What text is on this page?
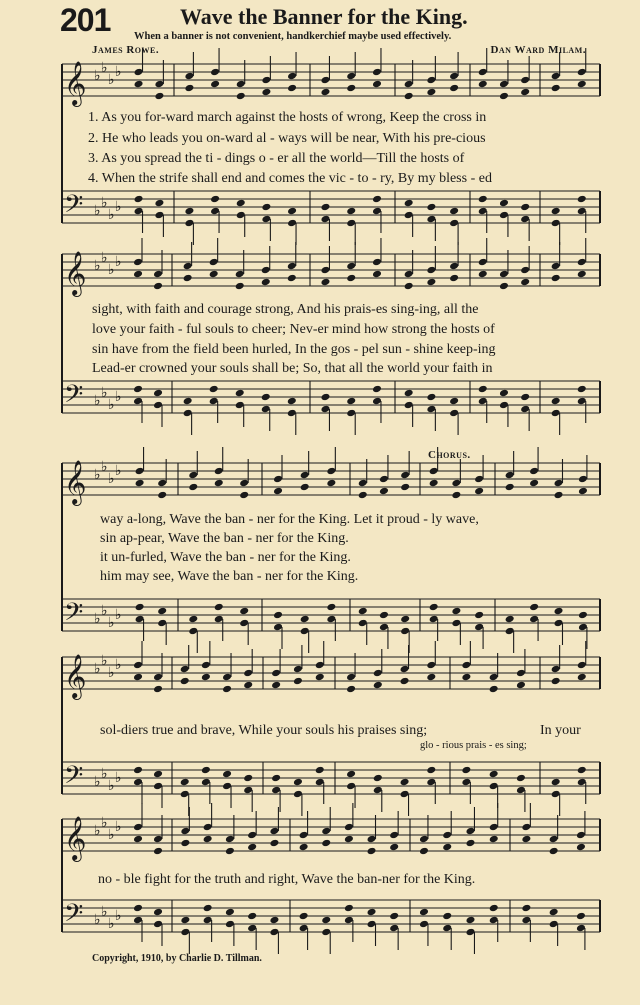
201	Wave the Banner for the King.
When a banner is not convenient, handkerchief maybe used effectively.
James Rowe.	Dan Ward Milam.
𝄞
𝄢
♭ ♭
♭ ♭
♭ ♭
♭ ♭
𝄞
𝄢
♭ ♭
♭ ♭
♭ ♭
♭ ♭
𝄞
𝄢
♭ ♭
♭ ♭
♭ ♭
♭ ♭
𝄞
𝄢
♭ ♭
♭ ♭
♭ ♭
♭ ♭
𝄞
𝄢
♭ ♭
♭ ♭
♭ ♭
♭ ♭
1. As you for-ward march against the hosts of wrong, Keep the cross in
2. He who leads you on-ward al - ways will be near, With his pre-cious
3. As you spread the ti - dings o - er all the world—Till the hosts of
4. When the strife shall end and comes the vic - to - ry, By my bless - ed
sight, with faith and courage strong, And his prais-es sing-ing, all the
love your faith - ful souls to cheer; Nev-er mind how strong the hosts of
sin have from the field been hurled, In the gos - pel sun - shine keep-ing
Lead-er crowned your souls shall be; So, that all the world your faith in
Chorus.
way a-long, Wave the ban - ner for the King. Let it proud - ly wave,
sin ap-pear, Wave the ban - ner for the King.
it un-furled, Wave the ban - ner for the King.
him may see, Wave the ban - ner for the King.
sol-diers true and brave, While your souls his praises sing;	In your
glo - rious prais - es sing;
no - ble fight for the truth and right, Wave the ban-ner for the King.
Copyright, 1910, by Charlie D. Tillman.
